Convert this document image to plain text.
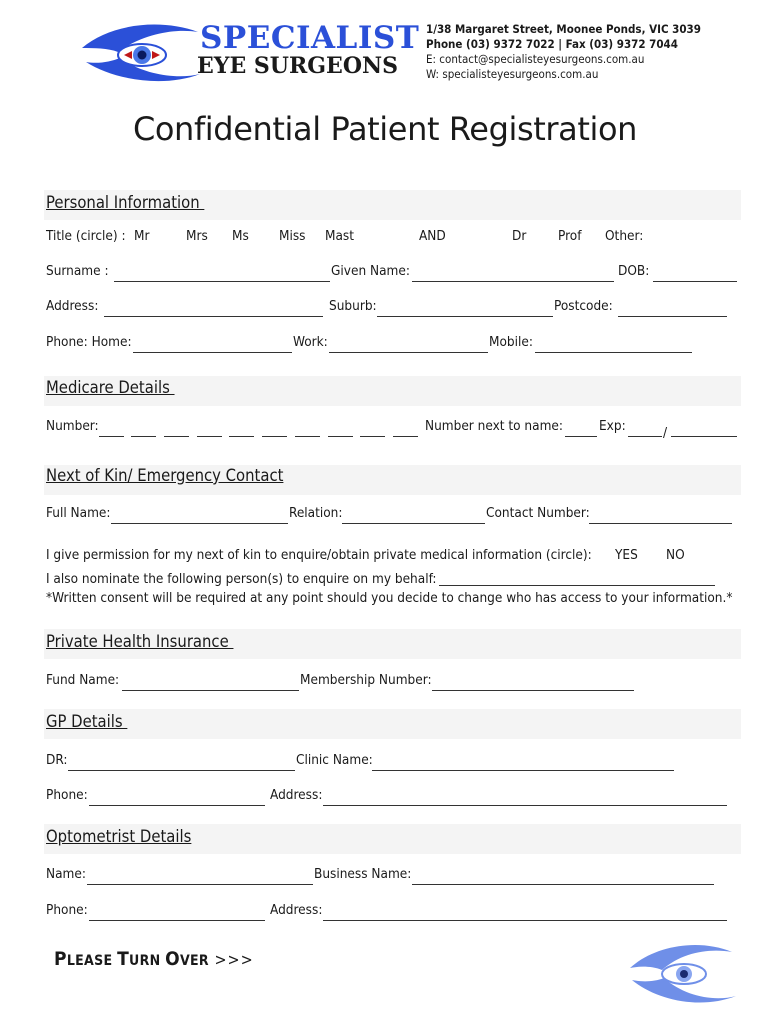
SPECIALIST
EYE SURGEONS
1/38 Margaret Street, Moonee Ponds, VIC 3039
Phone (03) 9372 7022 | Fax (03) 9372 7044
E: contact@specialisteyesurgeons.com.au
W: specialisteyesurgeons.com.au
Confidential Patient Registration
Personal Information
Title (circle) : Mr	Mrs Ms Miss Mast	AND	Dr Prof Other:
Surname :	Given Name:	DOB:
Address:	Suburb:	Postcode:
Phone: Home:	Work:	Mobile:
Medicare Details
Number:	Number next to name:	Exp:	/
Next of Kin/ Emergency Contact
Full Name:	Relation:	Contact Number:
I give permission for my next of kin to enquire/obtain private medical information (circle): YES NO
I also nominate the following person(s) to enquire on my behalf:
*Written consent will be required at any point should you decide to change who has access to your information.*
Private Health Insurance
Fund Name:	Membership Number:
GP Details
DR:	Clinic Name:
Phone:	Address:
Optometrist Details
Name:	Business Name:
Phone:	Address:
PLEASE TURN OVER >>>
